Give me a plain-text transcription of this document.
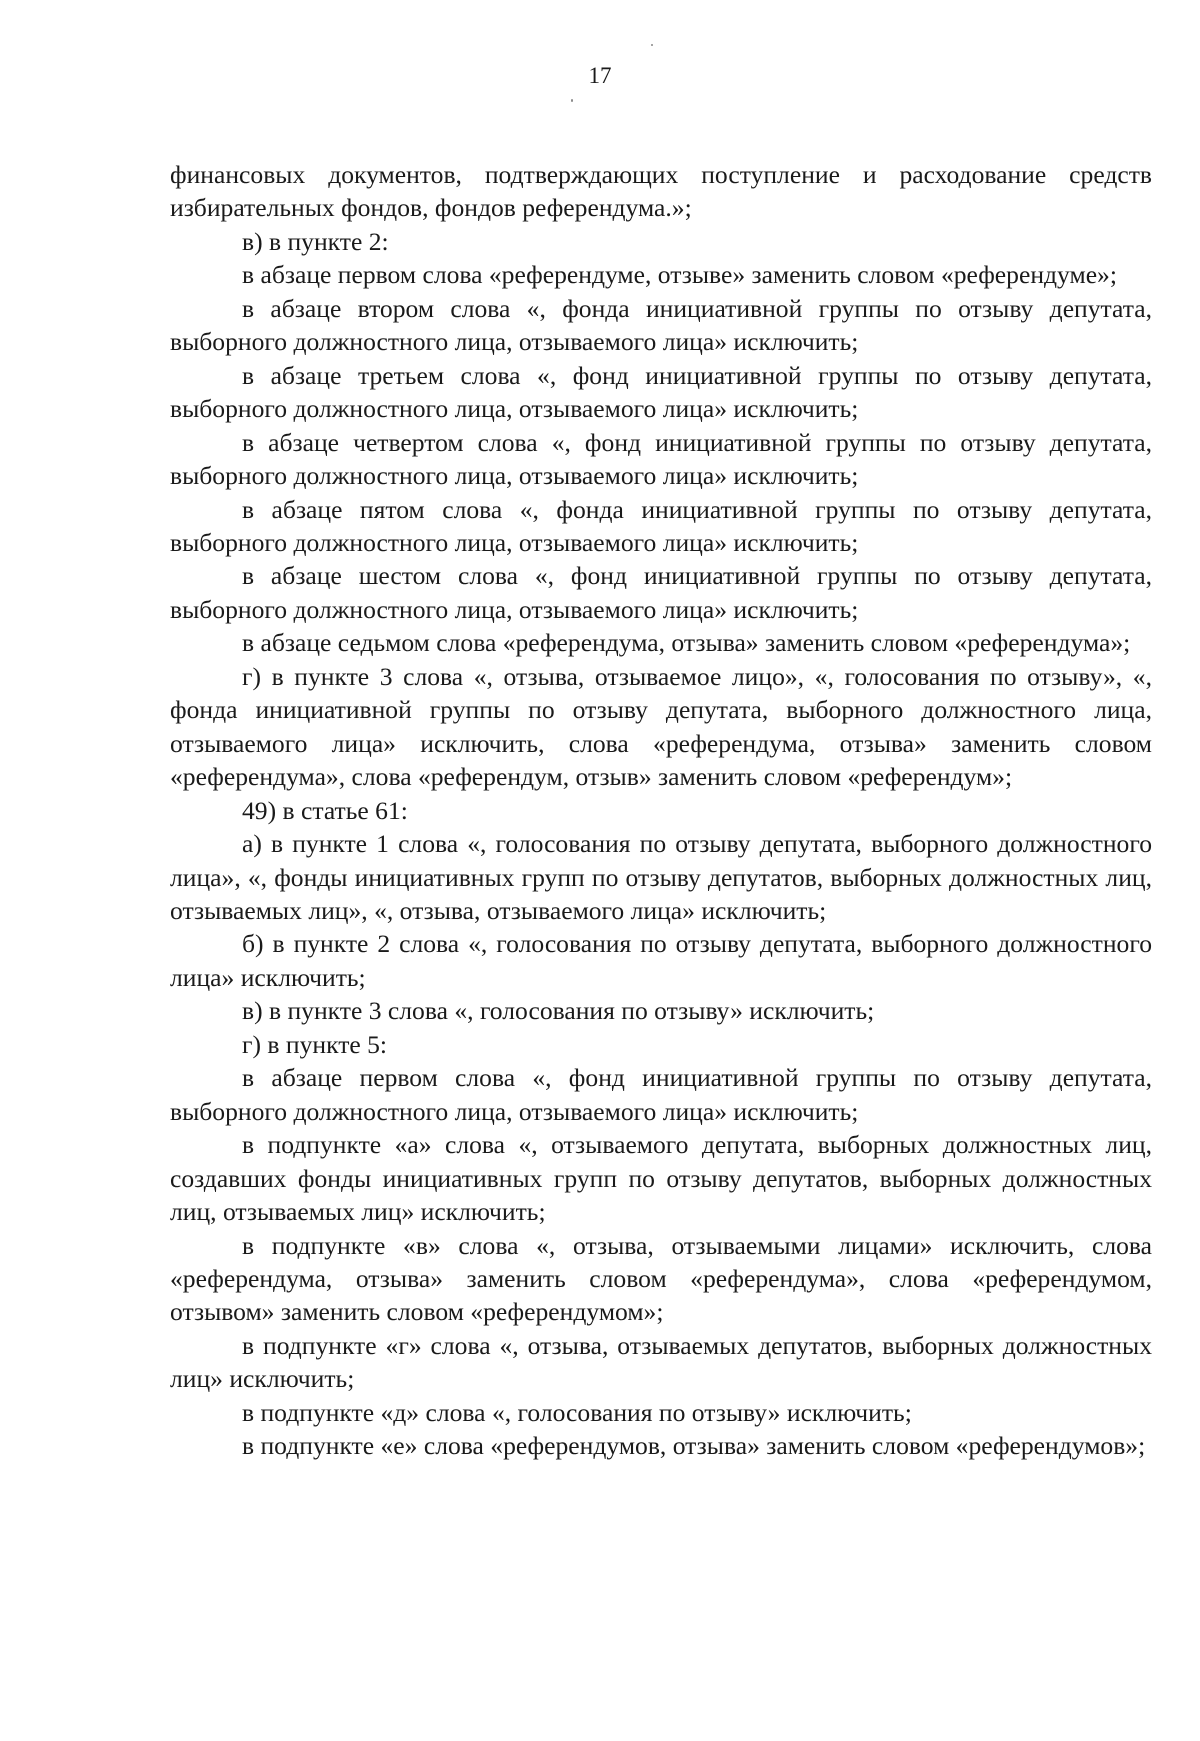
17

финансовых документов, подтверждающих поступление и расходование средств избирательных фондов, фондов референдума.»;

в) в пункте 2:

в абзаце первом слова «референдуме, отзыве» заменить словом «референдуме»;

в абзаце втором слова «, фонда инициативной группы по отзыву депутата, выборного должностного лица, отзываемого лица» исключить;

в абзаце третьем слова «, фонд инициативной группы по отзыву депутата, выборного должностного лица, отзываемого лица» исключить;

в абзаце четвертом слова «, фонд инициативной группы по отзыву депутата, выборного должностного лица, отзываемого лица» исключить;

в абзаце пятом слова «, фонда инициативной группы по отзыву депутата, выборного должностного лица, отзываемого лица» исключить;

в абзаце шестом слова «, фонд инициативной группы по отзыву депутата, выборного должностного лица, отзываемого лица» исключить;

в абзаце седьмом слова «референдума, отзыва» заменить словом «референдума»;

г) в пункте 3 слова «, отзыва, отзываемое лицо», «, голосования по отзыву», «, фонда инициативной группы по отзыву депутата, выборного должностного лица, отзываемого лица» исключить, слова «референдума, отзыва» заменить словом «референдума», слова «референдум, отзыв» заменить словом «референдум»;

49) в статье 61:

а) в пункте 1 слова «, голосования по отзыву депутата, выборного должностного лица», «, фонды инициативных групп по отзыву депутатов, выборных должностных лиц, отзываемых лиц», «, отзыва, отзываемого лица» исключить;

б) в пункте 2 слова «, голосования по отзыву депутата, выборного должностного лица» исключить;

в) в пункте 3 слова «, голосования по отзыву» исключить;

г) в пункте 5:

в абзаце первом слова «, фонд инициативной группы по отзыву депутата, выборного должностного лица, отзываемого лица» исключить;

в подпункте «а» слова «, отзываемого депутата, выборных должностных лиц, создавших фонды инициативных групп по отзыву депутатов, выборных должностных лиц, отзываемых лиц» исключить;

в подпункте «в» слова «, отзыва, отзываемыми лицами» исключить, слова «референдума, отзыва» заменить словом «референдума», слова «референдумом, отзывом» заменить словом «референдумом»;

в подпункте «г» слова «, отзыва, отзываемых депутатов, выборных должностных лиц» исключить;

в подпункте «д» слова «, голосования по отзыву» исключить;

в подпункте «е» слова «референдумов, отзыва» заменить словом «референдумов»;
